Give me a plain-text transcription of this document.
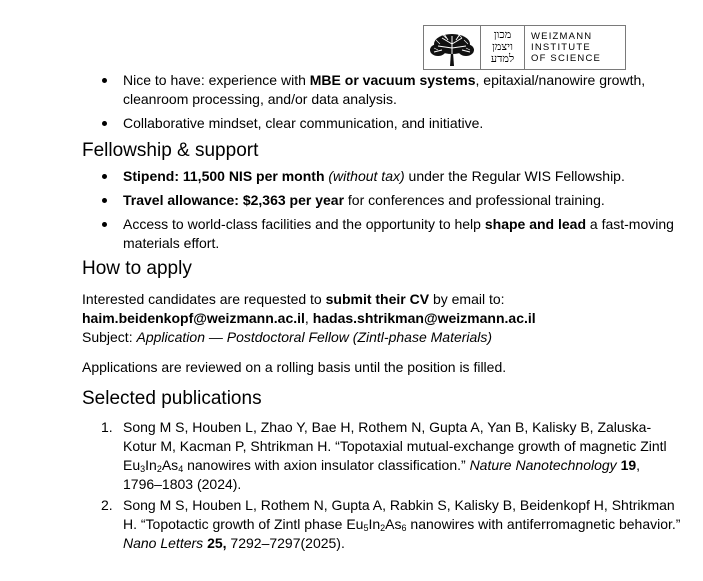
מכון
ויצמן
למדע
WEIZMANN
INSTITUTE
OF SCIENCE
Nice to have: experience with MBE or vacuum systems, epitaxial/nanowire growth, cleanroom processing, and/or data analysis.
Collaborative mindset, clear communication, and initiative.
Fellowship & support
Stipend: 11,500 NIS per month (without tax) under the Regular WIS Fellowship.
Travel allowance: $2,363 per year for conferences and professional training.
Access to world-class facilities and the opportunity to help shape and lead a fast-moving materials effort.
How to apply

Interested candidates are requested to submit their CV by email to:
haim.beidenkopf@weizmann.ac.il, hadas.shtrikman@weizmann.ac.il
Subject: Application — Postdoctoral Fellow (Zintl-phase Materials)

Applications are reviewed on a rolling basis until the position is filled.

Selected publications
1. Song M S, Houben L, Zhao Y, Bae H, Rothem N, Gupta A, Yan B, Kalisky B, Zaluska-Kotur M, Kacman P, Shtrikman H. “Topotaxial mutual-exchange growth of magnetic Zintl $Eu_3In_2As_4$ nanowires with axion insulator classification.” Nature Nanotechnology 19, 1796–1803 (2024).
2. Song M S, Houben L, Rothem N, Gupta A, Rabkin S, Kalisky B, Beidenkopf H, Shtrikman H. “Topotactic growth of Zintl phase $Eu_5In_2As_6$ nanowires with antiferromagnetic behavior.” Nano Letters 25, 7292–7297(2025).
